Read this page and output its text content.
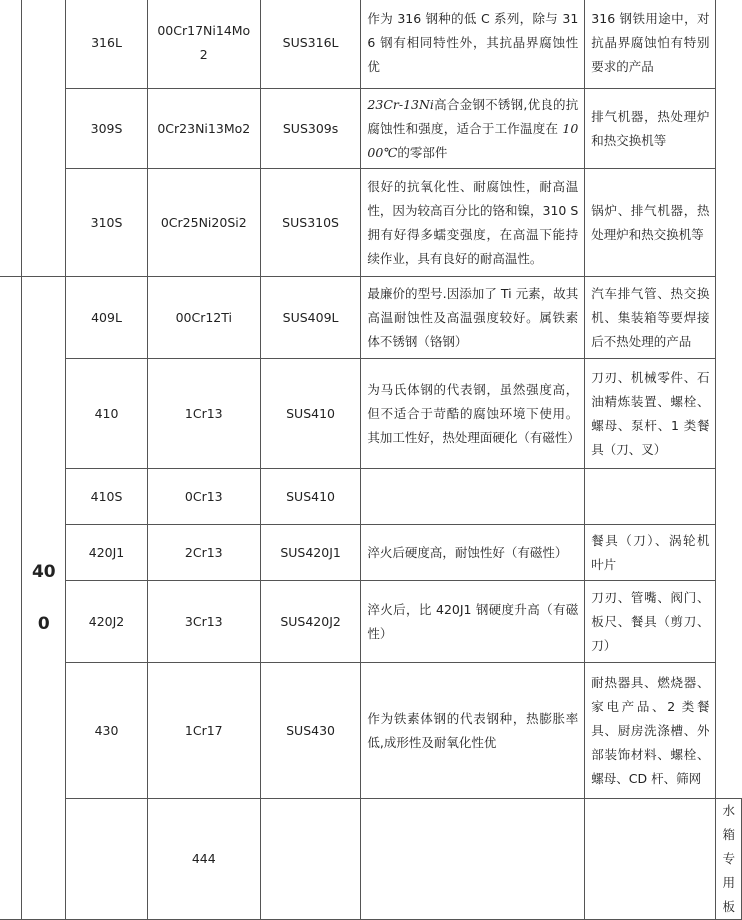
		316L	00Cr17Ni14Mo2	SUS316L	作为 316 钢种的低 C 系列，除与 316 钢有相同特性外，其抗晶界腐蚀性优	316 钢铁用途中，对抗晶界腐蚀怕有特别要求的产品	
		309S	0Cr23Ni13Mo2	SUS309s	23Cr-13Ni高合金钢不锈钢,优良的抗腐蚀性和强度，适合于工作温度在 1000℃的零部件	排气机器，热处理炉和热交换机等	
		310S	0Cr25Ni20Si2	SUS310S	很好的抗氧化性、耐腐蚀性，耐高温性，因为较高百分比的铬和镍，310 S 拥有好得多蠕变强度，在高温下能持续作业，具有良好的耐高温性。	锅炉、排气机器，热处理炉和热交换机等	
	400	409L	00Cr12Ti	SUS409L	最廉价的型号.因添加了 Ti 元素，故其高温耐蚀性及高温强度较好。属铁素体不锈钢（铬钢）	汽车排气管、热交换机、集装箱等要焊接后不热处理的产品	
		410	1Cr13	SUS410	为马氏体钢的代表钢，虽然强度高，但不适合于苛酷的腐蚀环境下使用。其加工性好，热处理面硬化（有磁性）	刀刃、机械零件、石油精炼装置、螺栓、螺母、泵杆、1 类餐具（刀、叉）	
		410S	0Cr13	SUS410			
		420J1	2Cr13	SUS420J1	淬火后硬度高，耐蚀性好（有磁性）	餐具（刀）、涡轮机叶片	
		420J2	3Cr13	SUS420J2	淬火后，比 420J1 钢硬度升高（有磁性）	刀刃、管嘴、阀门、板尺、餐具（剪刀、刀）	
		430	1Cr17	SUS430	作为铁素体钢的代表钢种，热膨胀率低,成形性及耐氧化性优	耐热器具、燃烧器、家电产品、2 类餐具、厨房洗涤槽、外部装饰材料、螺栓、螺母、CD 杆、筛网	
			444				水箱专用板
